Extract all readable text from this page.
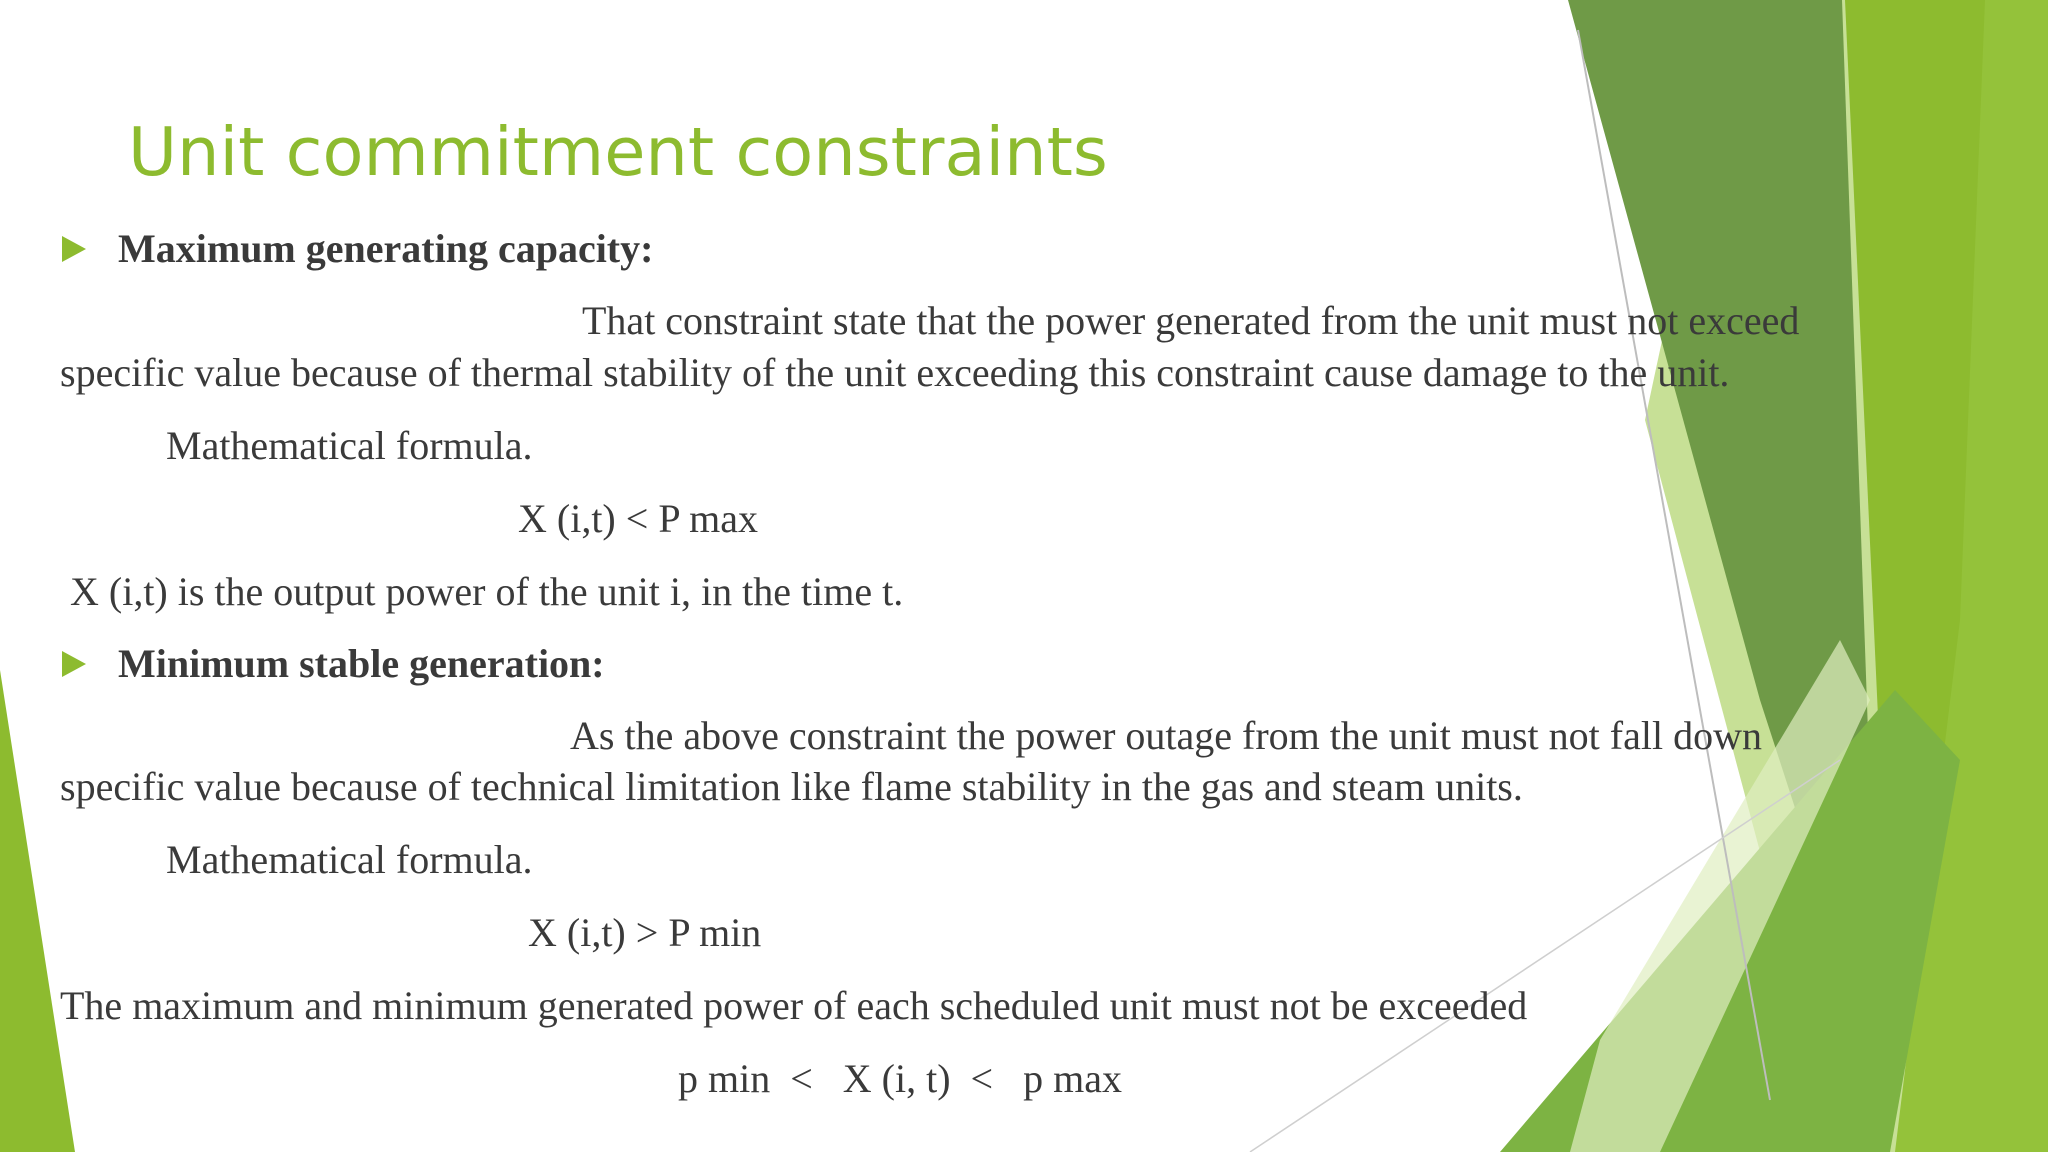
Unit commitment constraints

Maximum generating capacity:

That constraint state that the power generated from the unit must not exceed

specific value because of thermal stability of the unit exceeding this constraint cause damage to the unit.

Mathematical formula.

X (i,t) < P max

X (i,t) is the output power of the unit i, in the time t.

Minimum stable generation:

As the above constraint the power outage from the unit must not fall down

specific value because of technical limitation like flame stability in the gas and steam units.

Mathematical formula.

X (i,t) > P min

The maximum and minimum generated power of each scheduled unit must not be exceeded

p min  <   X (i, t)  <   p max
